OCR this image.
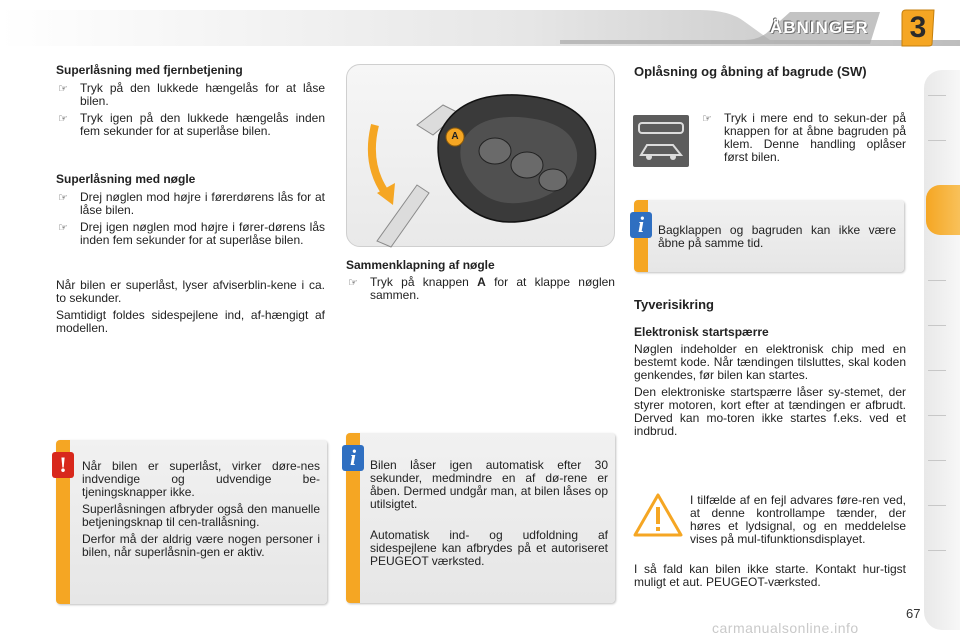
ÅBNINGER	3
Superlåsning med fjernbetjening
☞ Tryk på den lukkede hængelås for at låse bilen.
☞ Tryk igen på den lukkede hængelås inden fem sekunder for at superlåse bilen.
Superlåsning med nøgle
☞ Drej nøglen mod højre i førerdørens lås for at låse bilen.
☞ Drej igen nøglen mod højre i fører-dørens lås inden fem sekunder for at superlåse bilen.
Når bilen er superlåst, lyser afviserblin-kene i ca. to sekunder.
Samtidigt foldes sidespejlene ind, af-hængigt af modellen.
Når bilen er superlåst, virker døre-nes indvendige og udvendige be-tjeningsknapper ikke.
Superlåsningen afbryder også den manuelle betjeningsknap til cen-trallåsning.
Derfor må der aldrig være nogen personer i bilen, når superlåsnin-gen er aktiv.
!
A
Sammenklapning af nøgle
☞ Tryk på knappen A for at klappe nøglen sammen.
Bilen låser igen automatisk efter 30 sekunder, medmindre en af dø-rene er åben. Dermed undgår man, at bilen låses op utilsigtet.
Automatisk ind- og udfoldning af sidespejlene kan afbrydes på et autoriseret PEUGEOT værksted.
i
Oplåsning og åbning af bagrude (SW)
☞ Tryk i mere end to sekun-der på knappen for at åbne bagruden på klem. Denne handling oplåser først bilen.
Bagklappen og bagruden kan ikke være åbne på samme tid.
i
Tyverisikring
Elektronisk startspærre
Nøglen indeholder en elektronisk chip med en bestemt kode. Når tændingen tilsluttes, skal koden genkendes, før bilen kan startes.
Den elektroniske startspærre låser sy-stemet, der styrer motoren, kort efter at tændingen er afbrudt. Derved kan mo-toren ikke startes f.eks. ved et indbrud.
I tilfælde af en fejl advares føre-ren ved, at denne kontrollampe tænder, der høres et lydsignal, og en meddelelse vises på mul-tifunktionsdisplayet.
I så fald kan bilen ikke starte. Kontakt hur-tigst muligt et aut. PEUGEOT-værksted.
67
carmanualsonline.info
